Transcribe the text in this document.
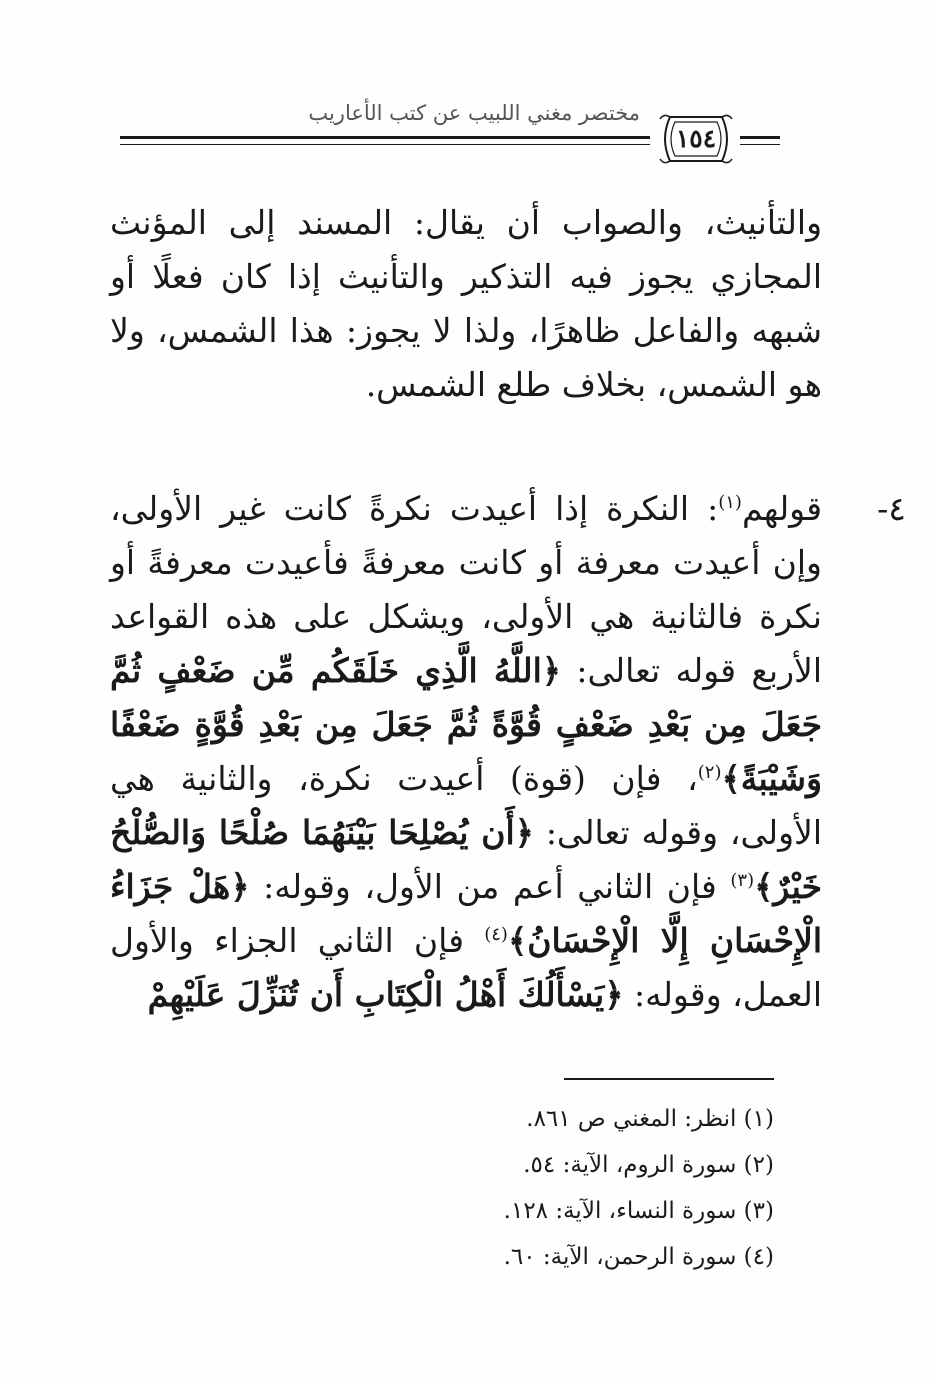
مختصر مغني اللبيب عن كتب الأعاريب
١٥٤
والتأنيث، والصواب أن يقال: المسند إلى المؤنث المجازي يجوز فيه التذكير والتأنيث إذا كان فعلًا أو شبهه والفاعل ظاهرًا، ولذا لا يجوز: هذا الشمس، ولا هو الشمس، بخلاف طلع الشمس.
٤-
قولهم$^{(١)}$: النكرة إذا أعيدت نكرةً كانت غير الأولى، وإن أعيدت معرفة أو كانت معرفةً فأعيدت معرفةً أو نكرة فالثانية هي الأولى، ويشكل على هذه القواعد الأربع قوله تعالى: ﴿اللَّهُ الَّذِي خَلَقَكُم مِّن ضَعْفٍ ثُمَّ جَعَلَ مِن بَعْدِ ضَعْفٍ قُوَّةً ثُمَّ جَعَلَ مِن بَعْدِ قُوَّةٍ ضَعْفًا وَشَيْبَةً﴾$^{(٢)}$، فإن (قوة) أعيدت نكرة، والثانية هي الأولى، وقوله تعالى: ﴿أَن يُصْلِحَا بَيْنَهُمَا صُلْحًا وَالصُّلْحُ خَيْرٌ﴾$^{(٣)}$ فإن الثاني أعم من الأول، وقوله: ﴿هَلْ جَزَاءُ الْإِحْسَانِ إِلَّا الْإِحْسَانُ﴾$^{(٤)}$ فإن الثاني الجزاء والأول العمل، وقوله: ﴿يَسْأَلُكَ أَهْلُ الْكِتَابِ أَن تُنَزِّلَ عَلَيْهِمْ
(١) انظر: المغني ص ٨٦١.
(٢) سورة الروم، الآية: ٥٤.
(٣) سورة النساء، الآية: ١٢٨.
(٤) سورة الرحمن، الآية: ٦٠.
